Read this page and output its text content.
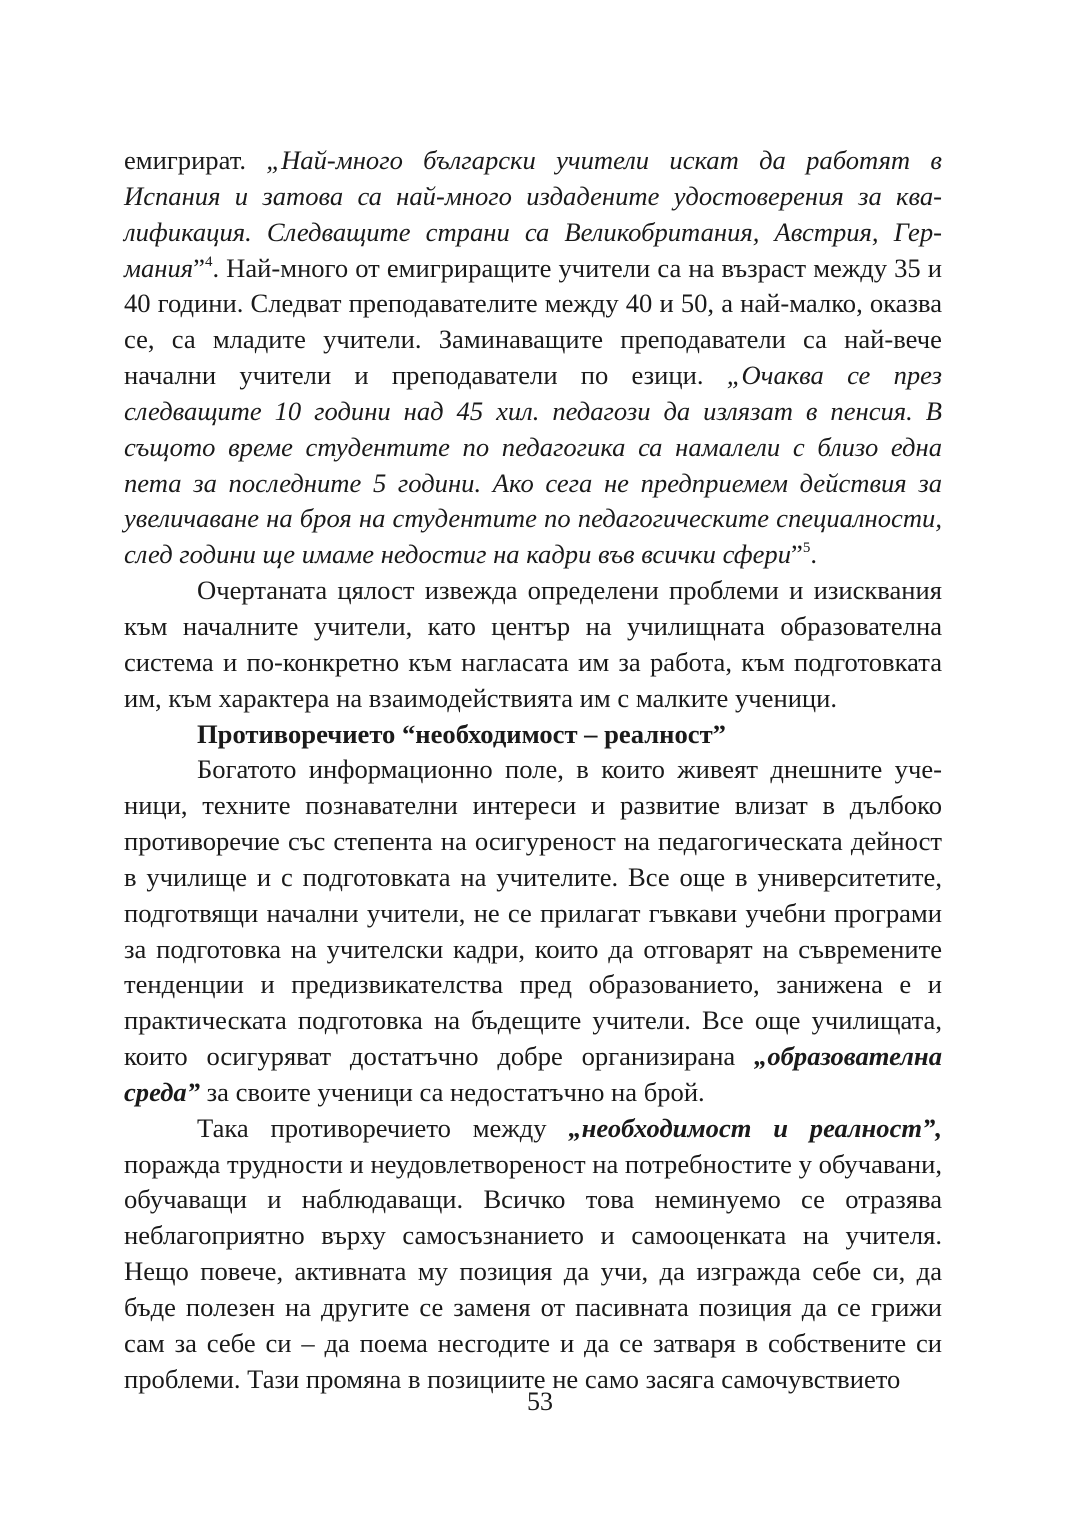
емигрират. „Най-много български учители искат да работят в Испания и затова са най-много издадените удостоверения за квалификация. Следващите страни са Великобритания, Австрия, Германия”$^4$. Най-много от емигриращите учители са на възраст между 35 и 40 години. Следват преподавателите между 40 и 50, а най-малко, оказва се, са младите учители. Заминаващите преподаватели са най-вече начални учители и преподаватели по езици. „Очаква се през следващите 10 години над 45 хил. педагози да излязат в пенсия. В същото време студентите по педагогика са намалели с близо една пета за последните 5 години. Ако сега не предприемем действия за увеличаване на броя на студентите по педагогическите специалности, след години ще имаме недостиг на кадри във всички сфери”$^5$.

Очертаната цялост извежда определени проблеми и изисквания към началните учители, като център на училищната образователна система и по-конкретно към нагласата им за работа, към подготовката им, към характера на взаимодействията им с малките ученици.

Противоречието “необходимост – реалност”

Богатото информационно поле, в които живеят днешните ученици, техните познавателни интереси и развитие влизат в дълбоко противоречие със степента на осигуреност на педагогическата дейност в училище и с подготовката на учителите. Все още в университетите, подготвящи начални учители, не се прилагат гъвкави учебни програми за подготовка на учителски кадри, които да отговарят на съвремените тенденции и предизвикателства пред образованието, занижена е и практическата подготовка на бъдещите учители. Все още училищата, които осигуряват достатъчно добре организирана „образователна среда” за своите ученици са недостатъчно на брой.

Така противоречието между „необходимост и реалност”, поражда трудности и неудовлетвореност на потребностите у обучавани, обучаващи и наблюдаващи. Всичко това неминуемо се отразява неблагоприятно върху самосъзнанието и самооценката на учителя. Нещо повече, активната му позиция да учи, да изгражда себе си, да бъде полезен на другите се заменя от пасивната позиция да се грижи сам за себе си – да поема несгодите и да се затваря в собствените си проблеми. Тази промяна в позициите не само засяга самочувствието

53
